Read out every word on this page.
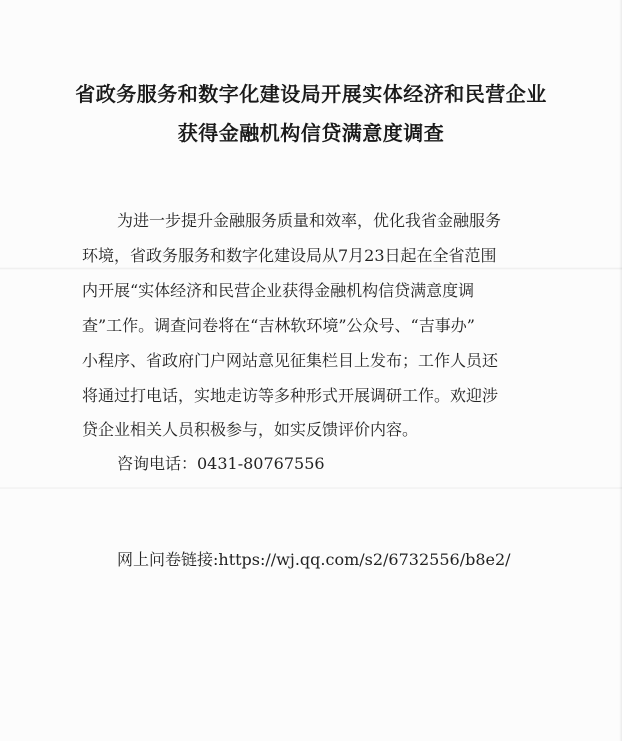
省政务服务和数字化建设局开展实体经济和民营企业
获得金融机构信贷满意度调查
为进一步提升金融服务质量和效率，优化我省金融服务
环境，省政务服务和数字化建设局从7月23日起在全省范围
内开展“实体经济和民营企业获得金融机构信贷满意度调
查”工作。调查问卷将在“吉林软环境”公众号、“吉事办”
小程序、省政府门户网站意见征集栏目上发布；工作人员还
将通过打电话，实地走访等多种形式开展调研工作。欢迎涉
贷企业相关人员积极参与，如实反馈评价内容。
咨询电话：0431-80767556
网上问卷链接:https://wj.qq.com/s2/6732556/b8e2/
